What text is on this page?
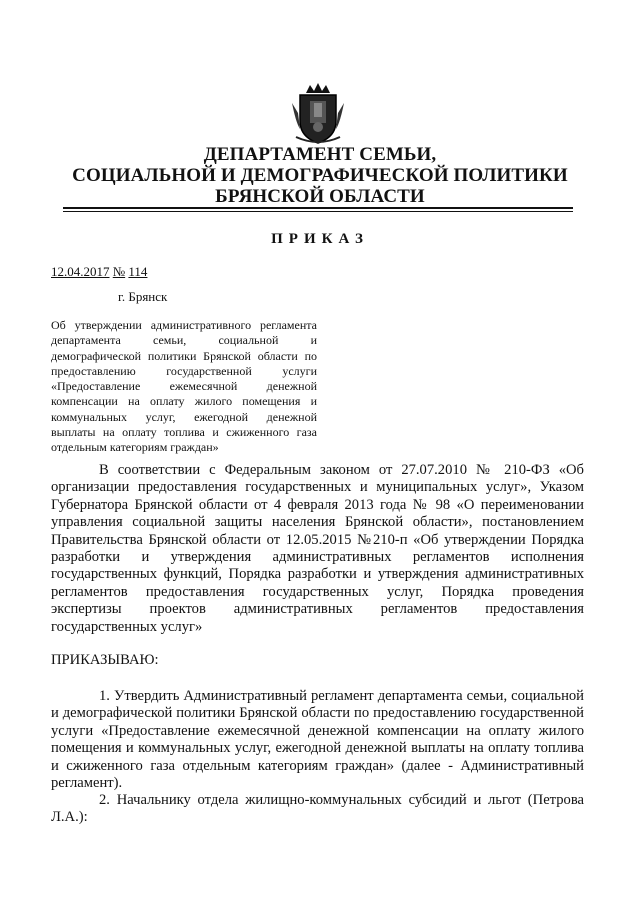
ДЕПАРТАМЕНТ СЕМЬИ,
СОЦИАЛЬНОЙ И ДЕМОГРАФИЧЕСКОЙ ПОЛИТИКИ
БРЯНСКОЙ ОБЛАСТИ
ПРИКАЗ
12.04.2017 № 114
г. Брянск
Об утверждении административного регламента департамента семьи, социальной и демографической политики Брянской области по предоставлению государственной услуги «Предоставление ежемесячной денежной компенсации на оплату жилого помещения и коммунальных услуг, ежегодной денежной выплаты на оплату топлива и сжиженного газа отдельным категориям граждан»
В соответствии с Федеральным законом от 27.07.2010 № 210-ФЗ «Об организации предоставления государственных и муниципальных услуг», Указом Губернатора Брянской области от 4 февраля 2013 года № 98 «О переименовании управления социальной защиты населения Брянской области», постановлением Правительства Брянской области от 12.05.2015 №210-п «Об утверждении Порядка разработки и утверждения административных регламентов исполнения государственных функций, Порядка разработки и утверждения административных регламентов предоставления государственных услуг, Порядка проведения экспертизы проектов административных регламентов предоставления государственных услуг»
ПРИКАЗЫВАЮ:
1. Утвердить Административный регламент департамента семьи, социальной и демографической политики Брянской области по предоставлению государственной услуги «Предоставление ежемесячной денежной компенсации на оплату жилого помещения и коммунальных услуг, ежегодной денежной выплаты на оплату топлива и сжиженного газа отдельным категориям граждан» (далее - Административный регламент).
2. Начальнику отдела жилищно-коммунальных субсидий и льгот (Петрова Л.А.):
